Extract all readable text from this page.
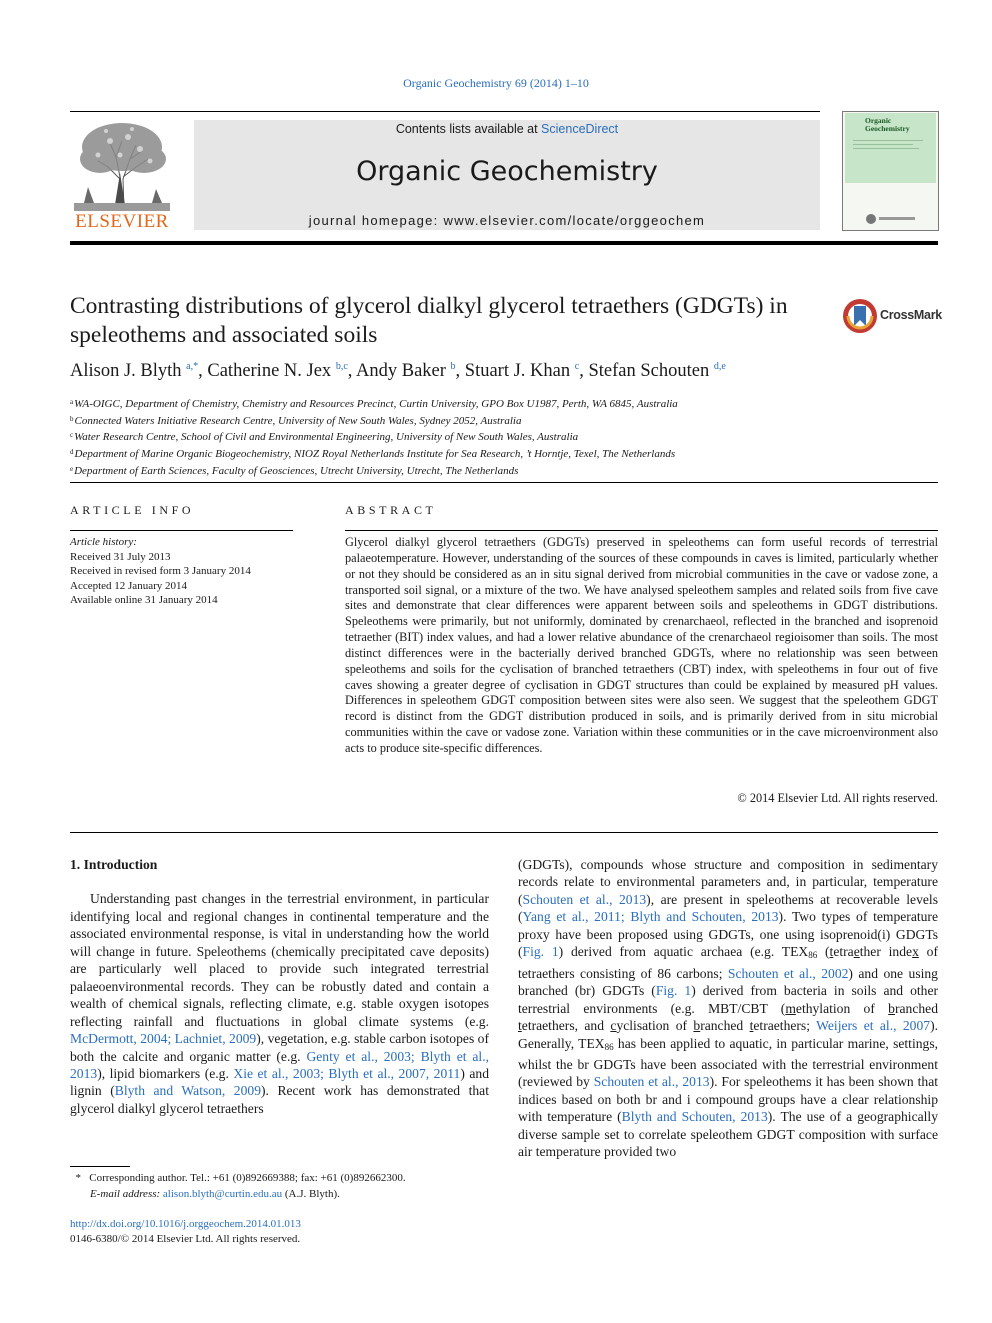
Organic Geochemistry 69 (2014) 1–10
ELSEVIER
Contents lists available at ScienceDirect
Organic Geochemistry
journal homepage: www.elsevier.com/locate/orggeochem
Organic
Geochemistry
Contrasting distributions of glycerol dialkyl glycerol tetraethers (GDGTs) in speleothems and associated soils
CrossMark
Alison J. Blyth $^{a,*}$, Catherine N. Jex $^{b,c}$, Andy Baker $^b$, Stuart J. Khan $^c$, Stefan Schouten $^{d,e}$
$^a$WA-OIGC, Department of Chemistry, Chemistry and Resources Precinct, Curtin University, GPO Box U1987, Perth, WA 6845, Australia
$^b$Connected Waters Initiative Research Centre, University of New South Wales, Sydney 2052, Australia
$^c$Water Research Centre, School of Civil and Environmental Engineering, University of New South Wales, Australia
$^d$Department of Marine Organic Biogeochemistry, NIOZ Royal Netherlands Institute for Sea Research, ’t Horntje, Texel, The Netherlands
$^e$Department of Earth Sciences, Faculty of Geosciences, Utrecht University, Utrecht, The Netherlands
ARTICLE INFO
Article history:
Received 31 July 2013
Received in revised form 3 January 2014
Accepted 12 January 2014
Available online 31 January 2014
ABSTRACT
Glycerol dialkyl glycerol tetraethers (GDGTs) preserved in speleothems can form useful records of terrestrial palaeotemperature. However, understanding of the sources of these compounds in caves is limited, particularly whether or not they should be considered as an in situ signal derived from microbial communities in the cave or vadose zone, a transported soil signal, or a mixture of the two. We have analysed speleothem samples and related soils from five cave sites and demonstrate that clear differences were apparent between soils and speleothems in GDGT distributions. Speleothems were primarily, but not uniformly, dominated by crenarchaeol, reflected in the branched and isoprenoid tetraether (BIT) index values, and had a lower relative abundance of the crenarchaeol regioisomer than soils. The most distinct differences were in the bacterially derived branched GDGTs, where no relationship was seen between speleothems and soils for the cyclisation of branched tetraethers (CBT) index, with speleothems in four out of five caves showing a greater degree of cyclisation in GDGT structures than could be explained by measured pH values. Differences in speleothem GDGT composition between sites were also seen. We suggest that the speleothem GDGT record is distinct from the GDGT distribution produced in soils, and is primarily derived from in situ microbial communities within the cave or vadose zone. Variation within these communities or in the cave microenvironment also acts to produce site-specific differences.
© 2014 Elsevier Ltd. All rights reserved.
1. Introduction

Understanding past changes in the terrestrial environment, in particular identifying local and regional changes in continental temperature and the associated environmental response, is vital in understanding how the world will change in future. Speleothems (chemically precipitated cave deposits) are particularly well placed to provide such integrated terrestrial palaeoenvironmental records. They can be robustly dated and contain a wealth of chemical signals, reflecting climate, e.g. stable oxygen isotopes reflecting rainfall and fluctuations in global climate systems (e.g. McDermott, 2004; Lachniet, 2009), vegetation, e.g. stable carbon isotopes of both the calcite and organic matter (e.g. Genty et al., 2003; Blyth et al., 2013), lipid biomarkers (e.g. Xie et al., 2003; Blyth et al., 2007, 2011) and lignin (Blyth and Watson, 2009). Recent work has demonstrated that glycerol dialkyl glycerol tetraethers

(GDGTs), compounds whose structure and composition in sedimentary records relate to environmental parameters and, in particular, temperature (Schouten et al., 2013), are present in speleothems at recoverable levels (Yang et al., 2011; Blyth and Schouten, 2013). Two types of temperature proxy have been proposed using GDGTs, one using isoprenoid(i) GDGTs (Fig. 1) derived from aquatic archaea (e.g. $TEX_{86}$ (tetraether index of tetraethers consisting of 86 carbons; Schouten et al., 2002) and one using branched (br) GDGTs (Fig. 1) derived from bacteria in soils and other terrestrial environments (e.g. MBT/CBT (methylation of branched tetraethers, and cyclisation of branched tetraethers; Weijers et al., 2007). Generally, $TEX_{86}$ has been applied to aquatic, in particular marine, settings, whilst the br GDGTs have been associated with the terrestrial environment (reviewed by Schouten et al., 2013). For speleothems it has been shown that indices based on both br and i compound groups have a clear relationship with temperature (Blyth and Schouten, 2013). The use of a geographically diverse sample set to correlate speleothem GDGT composition with surface air temperature provided two

* Corresponding author. Tel.: +61 (0)892669388; fax: +61 (0)892662300.
E-mail address: alison.blyth@curtin.edu.au (A.J. Blyth).
http://dx.doi.org/10.1016/j.orggeochem.2014.01.013
0146-6380/© 2014 Elsevier Ltd. All rights reserved.
